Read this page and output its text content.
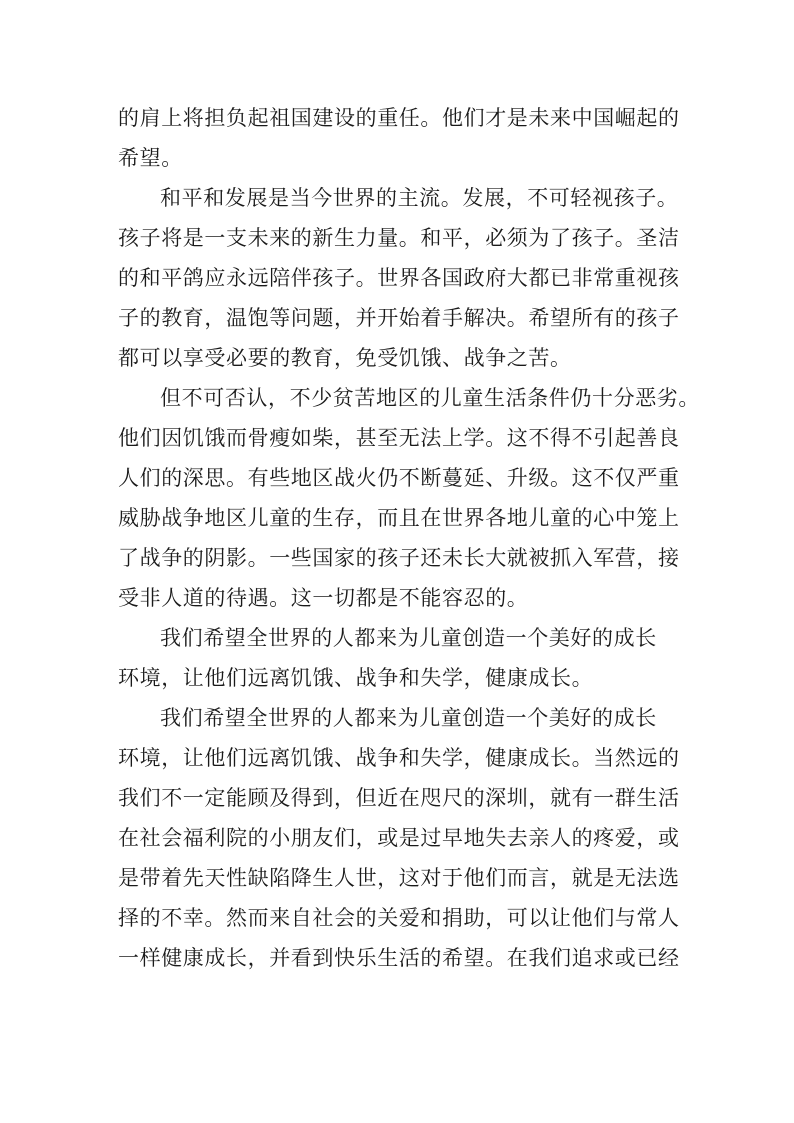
的肩上将担负起祖国建设的重任。他们才是未来中国崛起的
希望。
和平和发展是当今世界的主流。发展，不可轻视孩子。
孩子将是一支未来的新生力量。和平，必须为了孩子。圣洁
的和平鸽应永远陪伴孩子。世界各国政府大都已非常重视孩
子的教育，温饱等问题，并开始着手解决。希望所有的孩子
都可以享受必要的教育，免受饥饿、战争之苦。
但不可否认，不少贫苦地区的儿童生活条件仍十分恶劣。
他们因饥饿而骨瘦如柴，甚至无法上学。这不得不引起善良
人们的深思。有些地区战火仍不断蔓延、升级。这不仅严重
威胁战争地区儿童的生存，而且在世界各地儿童的心中笼上
了战争的阴影。一些国家的孩子还未长大就被抓入军营，接
受非人道的待遇。这一切都是不能容忍的。
我们希望全世界的人都来为儿童创造一个美好的成长
环境，让他们远离饥饿、战争和失学，健康成长。
我们希望全世界的人都来为儿童创造一个美好的成长
环境，让他们远离饥饿、战争和失学，健康成长。当然远的
我们不一定能顾及得到，但近在咫尺的深圳，就有一群生活
在社会福利院的小朋友们，或是过早地失去亲人的疼爱，或
是带着先天性缺陷降生人世，这对于他们而言，就是无法选
择的不幸。然而来自社会的关爱和捐助，可以让他们与常人
一样健康成长，并看到快乐生活的希望。在我们追求或已经
